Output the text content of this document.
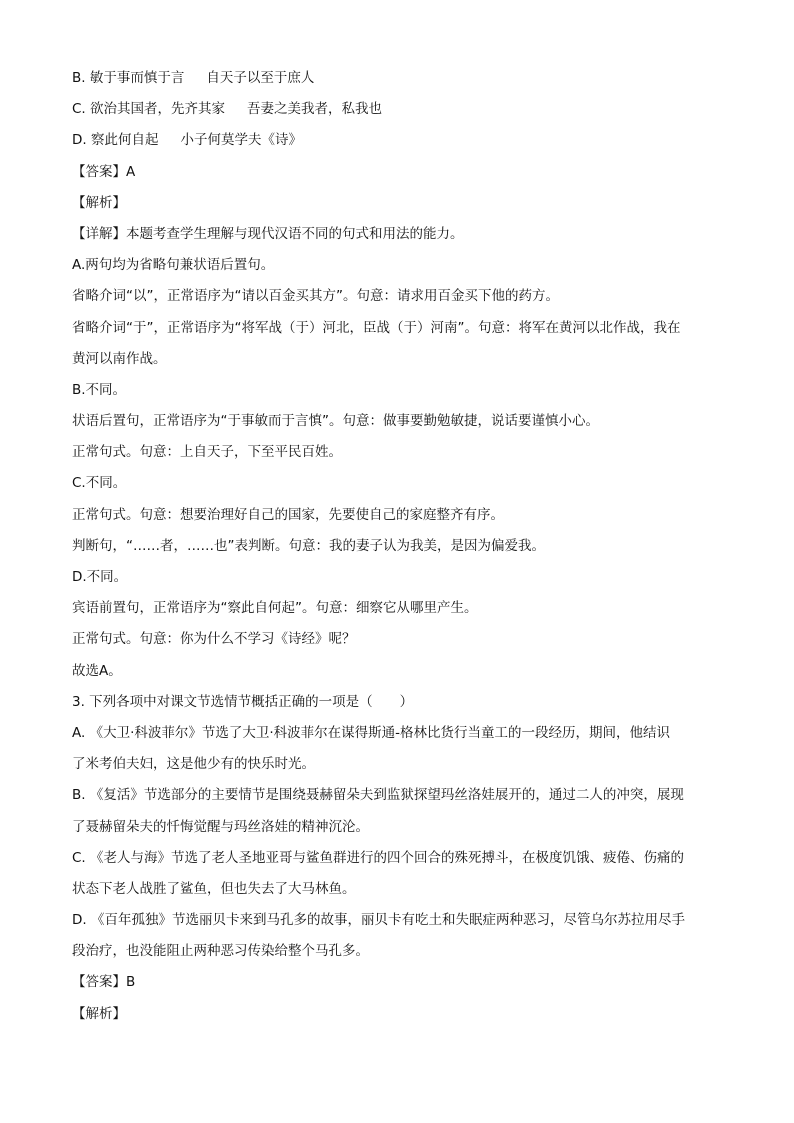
B. 敏于事而慎于言 自天子以至于庶人
C. 欲治其国者，先齐其家 吾妻之美我者，私我也
D. 察此何自起 小子何莫学夫《诗》
【答案】A
【解析】
【详解】本题考查学生理解与现代汉语不同的句式和用法的能力。
A.两句均为省略句兼状语后置句。
省略介词“以”，正常语序为“请以百金买其方”。句意：请求用百金买下他的药方。
省略介词“于”，正常语序为“将军战（于）河北，臣战（于）河南”。句意：将军在黄河以北作战，我在
黄河以南作战。
B.不同。
状语后置句，正常语序为“于事敏而于言慎”。句意：做事要勤勉敏捷，说话要谨慎小心。
正常句式。句意：上自天子，下至平民百姓。
C.不同。
正常句式。句意：想要治理好自己的国家，先要使自己的家庭整齐有序。
判断句，“……者，……也”表判断。句意：我的妻子认为我美，是因为偏爱我。
D.不同。
宾语前置句，正常语序为“察此自何起”。句意：细察它从哪里产生。
正常句式。句意：你为什么不学习《诗经》呢？
故选A。
3. 下列各项中对课文节选情节概括正确的一项是（　　）
A. 《大卫·科波菲尔》节选了大卫·科波菲尔在谋得斯通-格林比货行当童工的一段经历，期间，他结识
了米考伯夫妇，这是他少有的快乐时光。
B. 《复活》节选部分的主要情节是围绕聂赫留朵夫到监狱探望玛丝洛娃展开的，通过二人的冲突，展现
了聂赫留朵夫的忏悔觉醒与玛丝洛娃的精神沉沦。
C. 《老人与海》节选了老人圣地亚哥与鲨鱼群进行的四个回合的殊死搏斗，在极度饥饿、疲倦、伤痛的
状态下老人战胜了鲨鱼，但也失去了大马林鱼。
D. 《百年孤独》节选丽贝卡来到马孔多的故事，丽贝卡有吃土和失眠症两种恶习，尽管乌尔苏拉用尽手
段治疗，也没能阻止两种恶习传染给整个马孔多。
【答案】B
【解析】
